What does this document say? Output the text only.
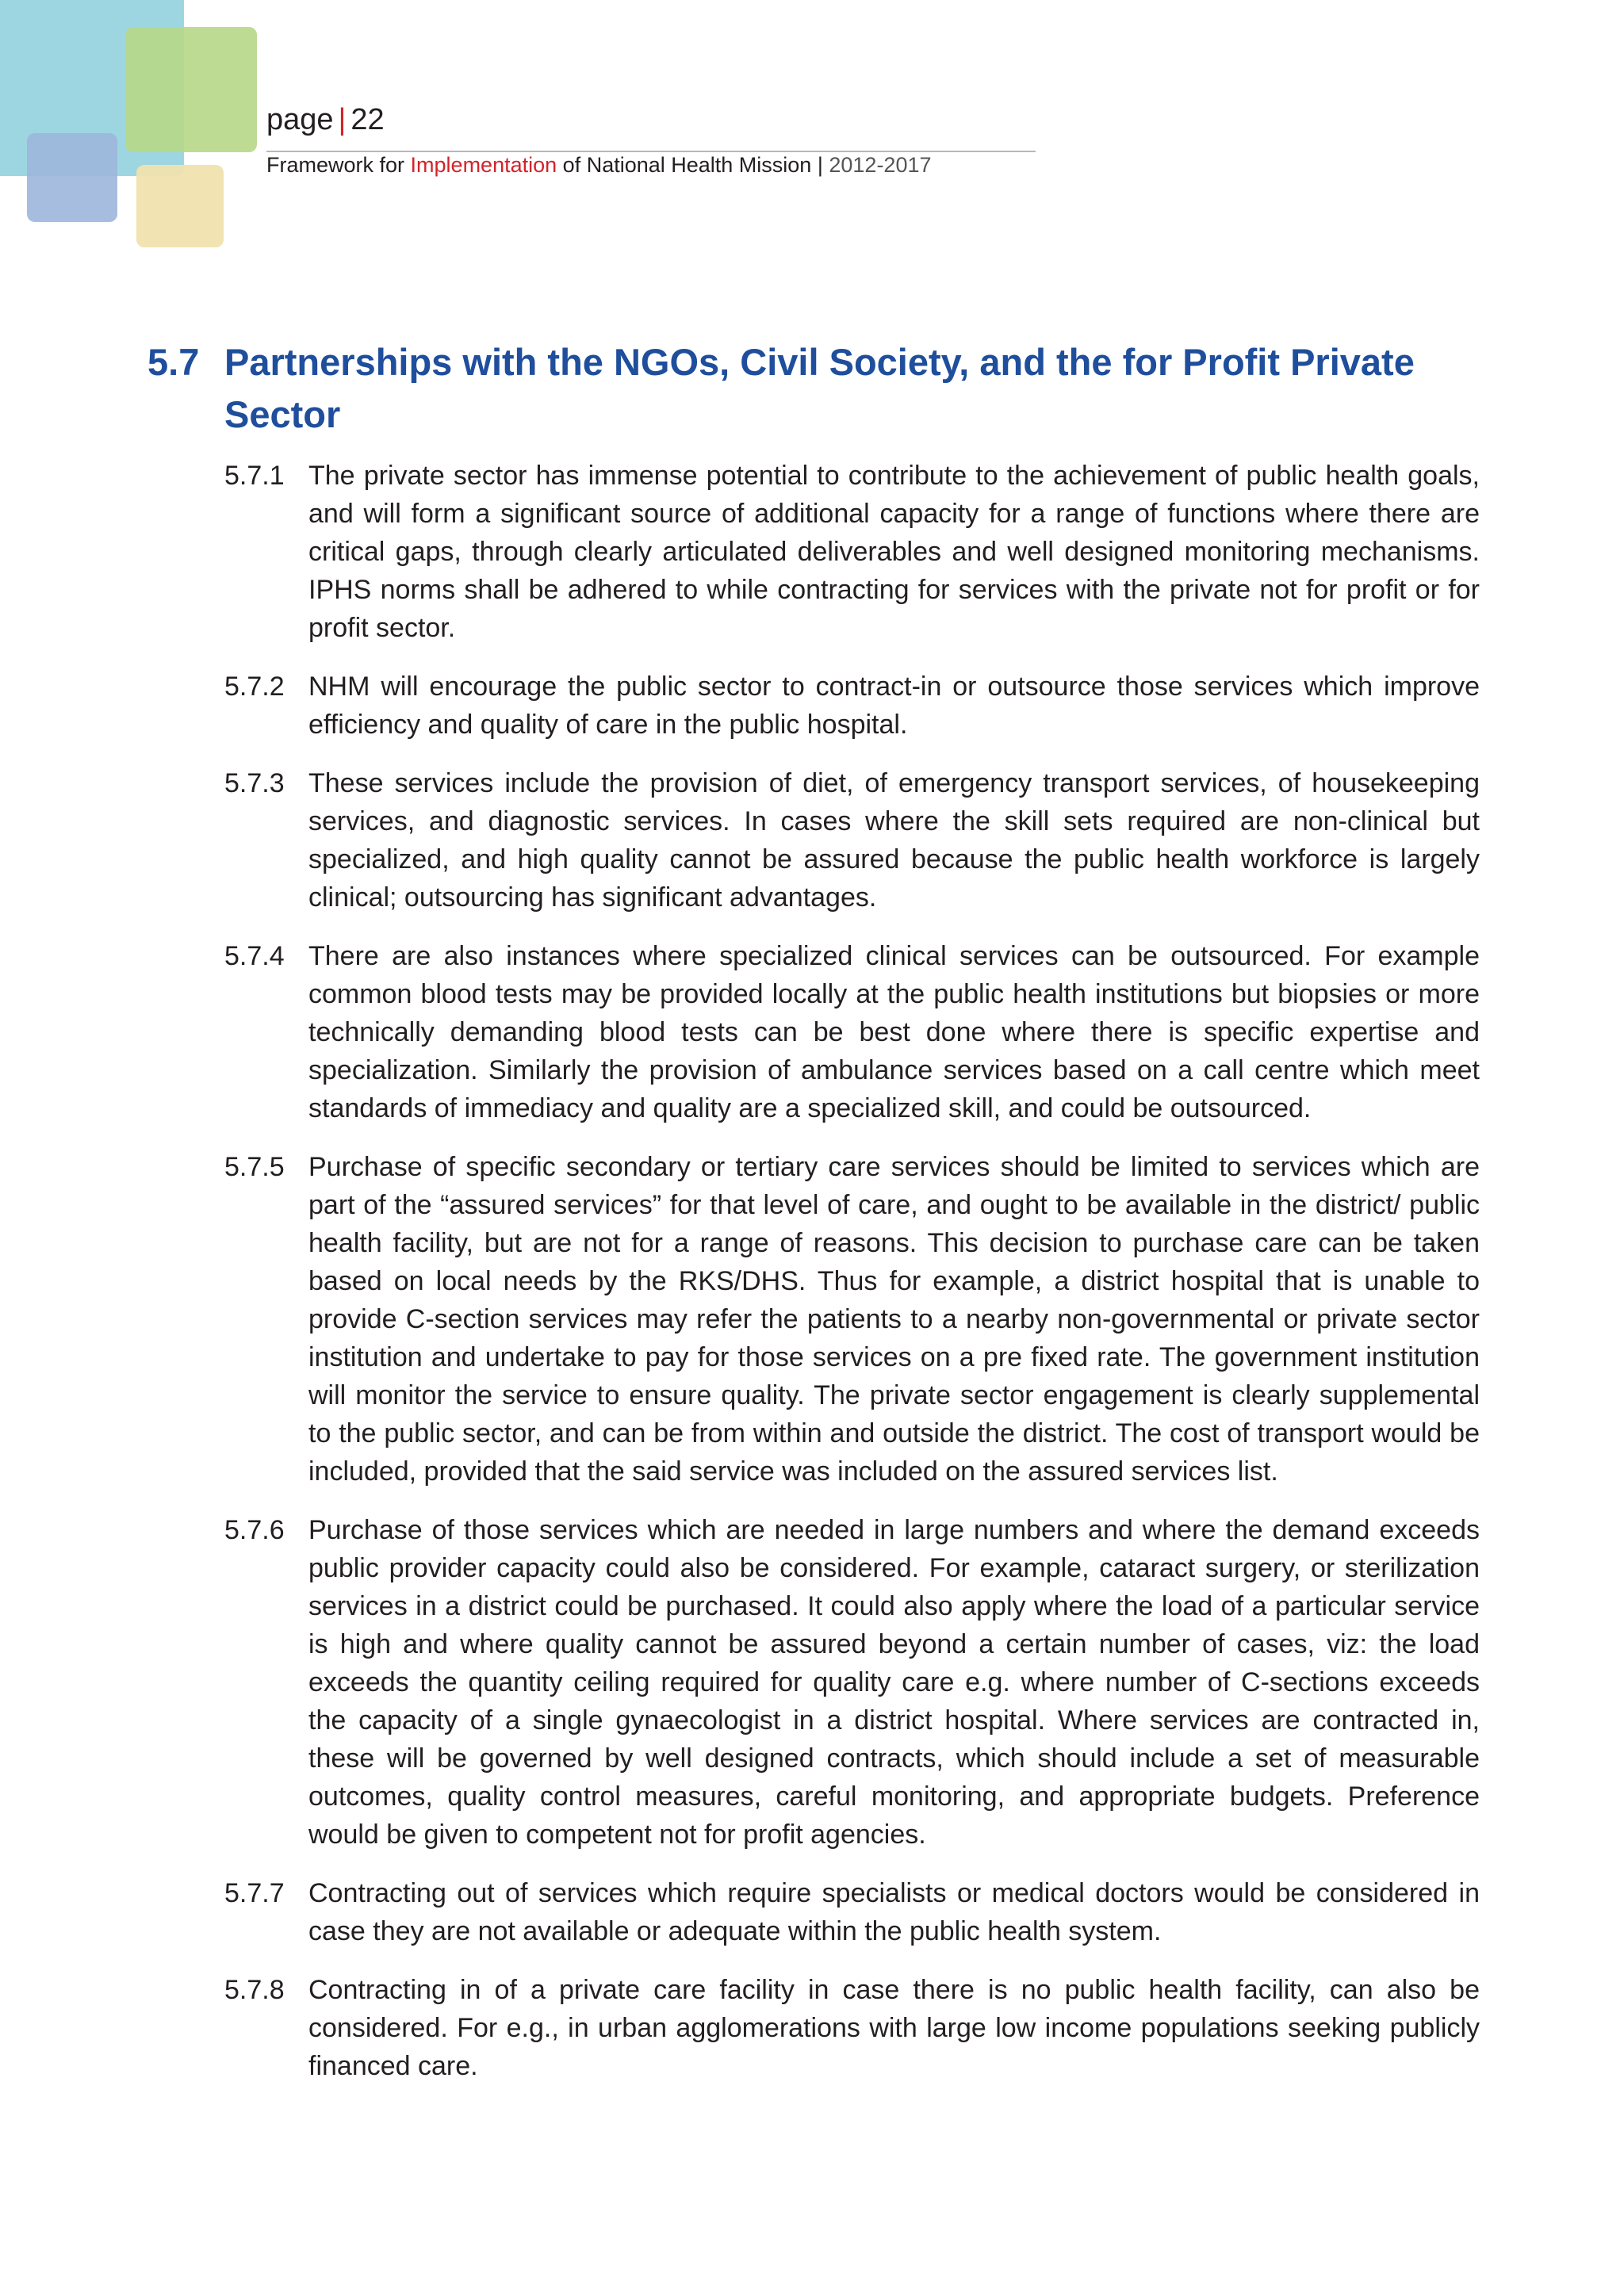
page | 22
Framework for Implementation of National Health Mission | 2012-2017
5.7 Partnerships with the NGOs, Civil Society, and the for Profit Private Sector
5.7.1 The private sector has immense potential to contribute to the achievement of public health goals, and will form a significant source of additional capacity for a range of functions where there are critical gaps, through clearly articulated deliverables and well designed monitoring mechanisms. IPHS norms shall be adhered to while contracting for services with the private not for profit or for profit sector.
5.7.2 NHM will encourage the public sector to contract-in or outsource those services which improve efficiency and quality of care in the public hospital.
5.7.3 These services include the provision of diet, of emergency transport services, of housekeeping services, and diagnostic services. In cases where the skill sets required are non-clinical but specialized, and high quality cannot be assured because the public health workforce is largely clinical; outsourcing has significant advantages.
5.7.4 There are also instances where specialized clinical services can be outsourced. For example common blood tests may be provided locally at the public health institutions but biopsies or more technically demanding blood tests can be best done where there is specific expertise and specialization. Similarly the provision of ambulance services based on a call centre which meet standards of immediacy and quality are a specialized skill, and could be outsourced.
5.7.5 Purchase of specific secondary or tertiary care services should be limited to services which are part of the “assured services” for that level of care, and ought to be available in the district/ public health facility, but are not for a range of reasons. This decision to purchase care can be taken based on local needs by the RKS/DHS. Thus for example, a district hospital that is unable to provide C-section services may refer the patients to a nearby non-governmental or private sector institution and undertake to pay for those services on a pre fixed rate. The government institution will monitor the service to ensure quality. The private sector engagement is clearly supplemental to the public sector, and can be from within and outside the district. The cost of transport would be included, provided that the said service was included on the assured services list.
5.7.6 Purchase of those services which are needed in large numbers and where the demand exceeds public provider capacity could also be considered. For example, cataract surgery, or sterilization services in a district could be purchased. It could also apply where the load of a particular service is high and where quality cannot be assured beyond a certain number of cases, viz: the load exceeds the quantity ceiling required for quality care e.g. where number of C-sections exceeds the capacity of a single gynaecologist in a district hospital. Where services are contracted in, these will be governed by well designed contracts, which should include a set of measurable outcomes, quality control measures, careful monitoring, and appropriate budgets. Preference would be given to competent not for profit agencies.
5.7.7 Contracting out of services which require specialists or medical doctors would be considered in case they are not available or adequate within the public health system.
5.7.8 Contracting in of a private care facility in case there is no public health facility, can also be considered. For e.g., in urban agglomerations with large low income populations seeking publicly financed care.
